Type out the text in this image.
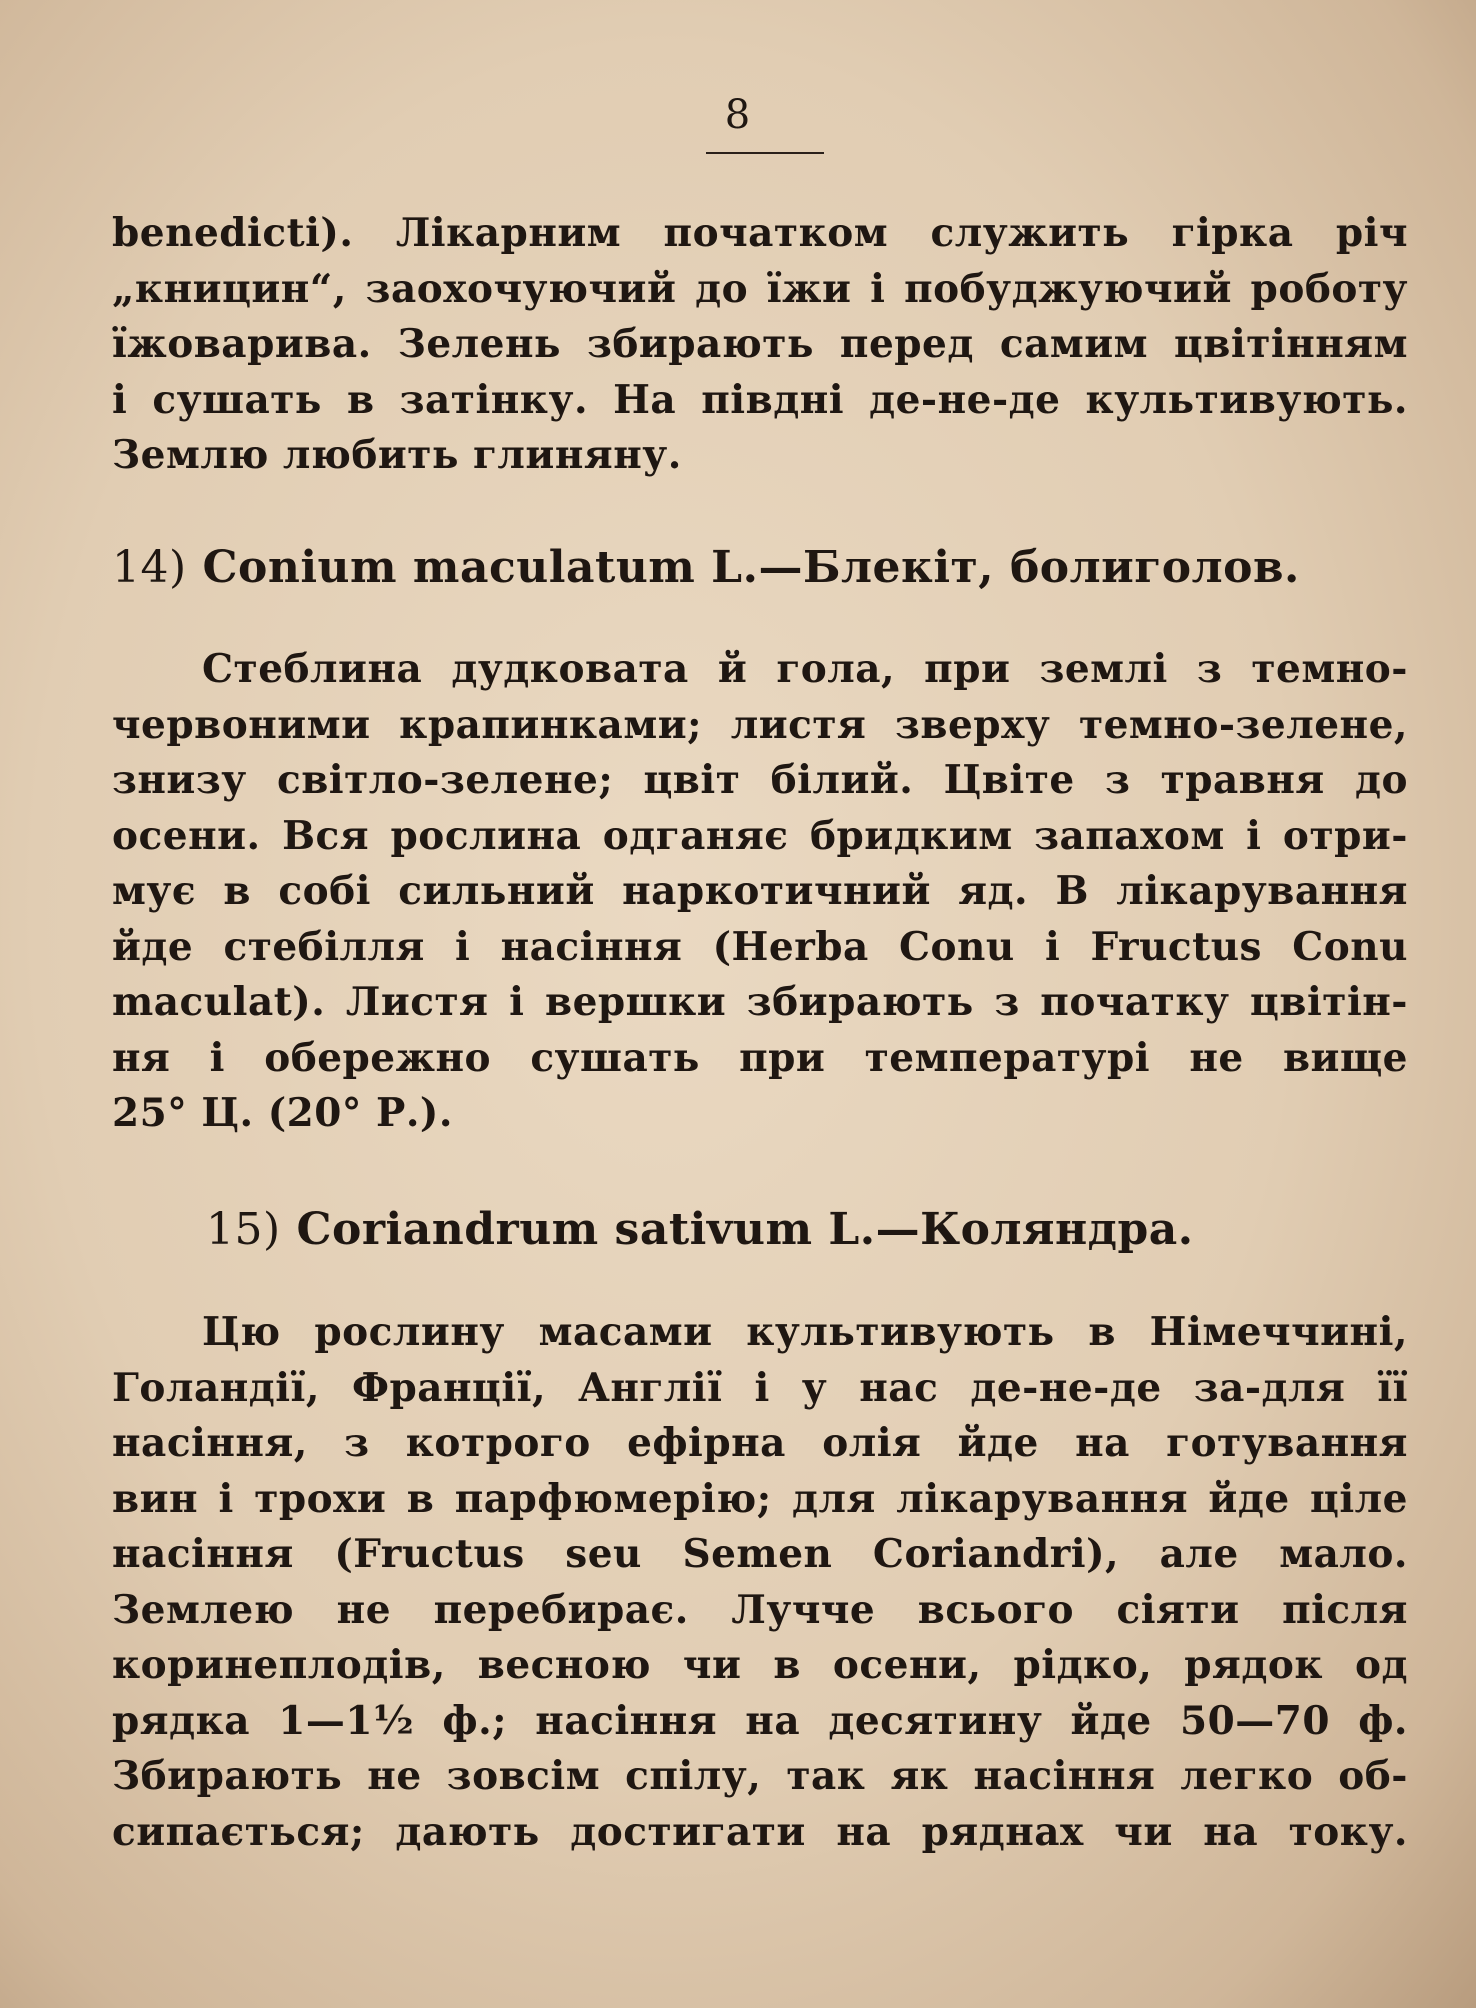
8
benedicti). Лікарним початком служить гірка річ
„кницин“, заохочуючий до їжи і побуджуючий роботу
їжоварива. Зелень збирають перед самим цвітінням
і сушать в затінку. На півдні де-не-де культивують.
Землю любить глиняну.
14) Conium maculatum L.—Блекіт, болиголов.
Стеблина дудковата й гола, при землі з темно-
червоними крапинками; листя зверху темно-зелене,
знизу світло-зелене; цвіт білий. Цвіте з травня до
осени. Вся рослина одганяє бридким запахом і отри-
мує в собі сильний наркотичний яд. В лікарування
йде стебілля і насіння (Herba Conu і Fructus Conu
maculat). Листя і вершки збирають з початку цвітін-
ня і обережно сушать при температурі не вище
25° Ц. (20° Р.).
15) Coriandrum sativum L.—Коляндра.
Цю рослину масами культивують в Німеччині,
Голандії, Франції, Англії і у нас де-не-де за-для її
насіння, з котрого ефірна олія йде на готування
вин і трохи в парфюмерію; для лікарування йде ціле
насіння (Fructus seu Semen Coriandri), але мало.
Землею не перебирає. Лучче всього сіяти після
коринеплодів, весною чи в осени, рідко, рядок од
рядка 1—1½ ф.; насіння на десятину йде 50—70 ф.
Збирають не зовсім спілу, так як насіння легко об-
сипається; дають достигати на ряднах чи на току.
